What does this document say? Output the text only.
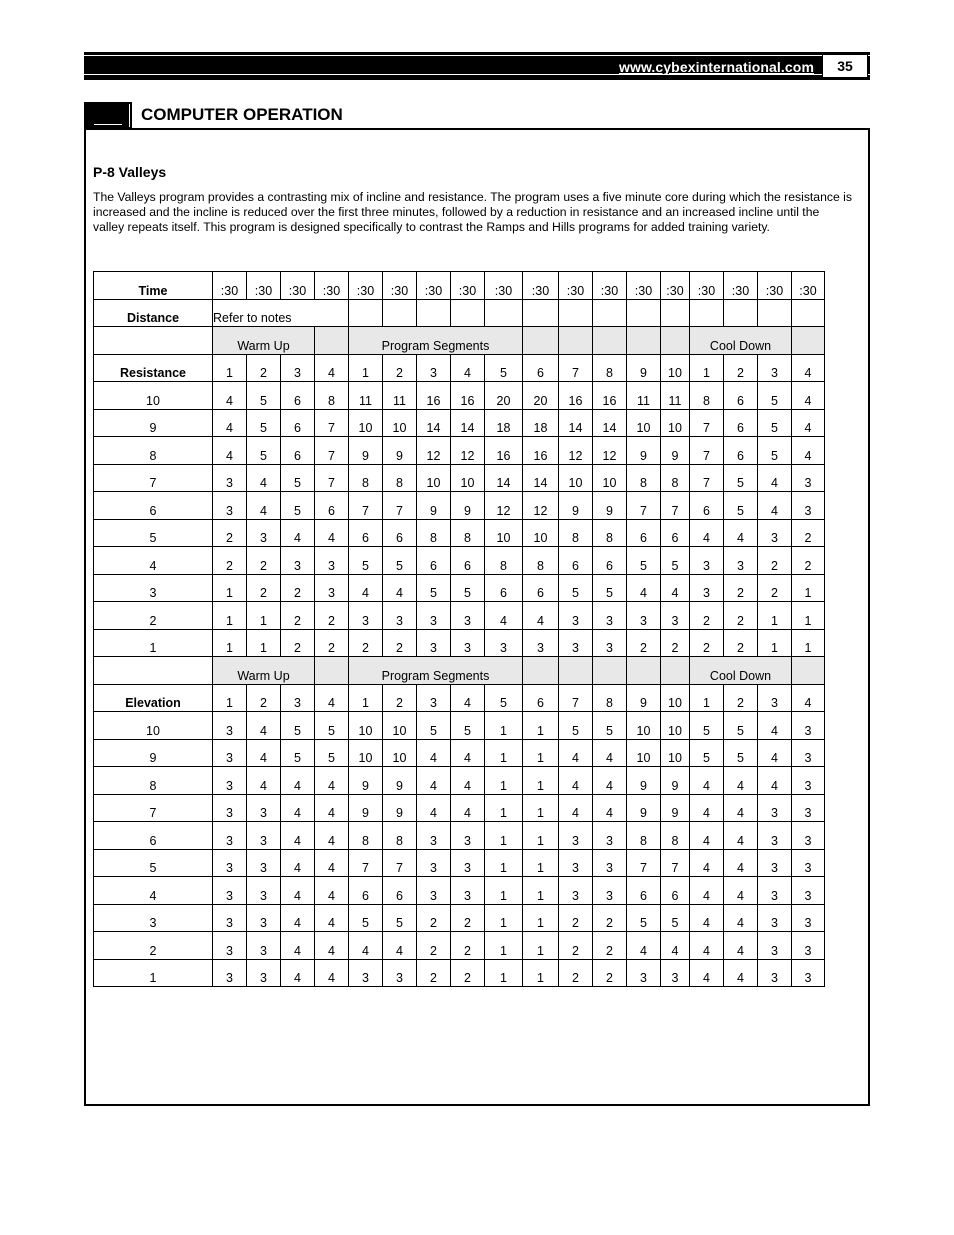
www.cybexinternational.com	35
COMPUTER OPERATION
P-8 Valleys
The Valleys program provides a contrasting mix of incline and resistance. The program uses a five minute core during which the resistance is increased and the incline is reduced over the first three minutes, followed by a reduction in resistance and an increased incline until the valley repeats itself. This program is designed specifically to contrast the Ramps and Hills programs for added training variety.
Time	:30	:30	:30	:30	:30	:30	:30	:30	:30	:30	:30	:30	:30	:30	:30	:30	:30	:30
Distance	Refer to notes																	
	Warm Up				Program Segments										Cool Down			
Resistance	1	2	3	4	1	2	3	4	5	6	7	8	9	10	1	2	3	4
10	4	5	6	8	11	11	16	16	20	20	16	16	11	11	8	6	5	4
9	4	5	6	7	10	10	14	14	18	18	14	14	10	10	7	6	5	4
8	4	5	6	7	9	9	12	12	16	16	12	12	9	9	7	6	5	4
7	3	4	5	7	8	8	10	10	14	14	10	10	8	8	7	5	4	3
6	3	4	5	6	7	7	9	9	12	12	9	9	7	7	6	5	4	3
5	2	3	4	4	6	6	8	8	10	10	8	8	6	6	4	4	3	2
4	2	2	3	3	5	5	6	6	8	8	6	6	5	5	3	3	2	2
3	1	2	2	3	4	4	5	5	6	6	5	5	4	4	3	2	2	1
2	1	1	2	2	3	3	3	3	4	4	3	3	3	3	2	2	1	1
1	1	1	2	2	2	2	3	3	3	3	3	3	2	2	2	2	1	1
	Warm Up				Program Segments										Cool Down			
Elevation	1	2	3	4	1	2	3	4	5	6	7	8	9	10	1	2	3	4
10	3	4	5	5	10	10	5	5	1	1	5	5	10	10	5	5	4	3
9	3	4	5	5	10	10	4	4	1	1	4	4	10	10	5	5	4	3
8	3	4	4	4	9	9	4	4	1	1	4	4	9	9	4	4	4	3
7	3	3	4	4	9	9	4	4	1	1	4	4	9	9	4	4	3	3
6	3	3	4	4	8	8	3	3	1	1	3	3	8	8	4	4	3	3
5	3	3	4	4	7	7	3	3	1	1	3	3	7	7	4	4	3	3
4	3	3	4	4	6	6	3	3	1	1	3	3	6	6	4	4	3	3
3	3	3	4	4	5	5	2	2	1	1	2	2	5	5	4	4	3	3
2	3	3	4	4	4	4	2	2	1	1	2	2	4	4	4	4	3	3
1	3	3	4	4	3	3	2	2	1	1	2	2	3	3	4	4	3	3
